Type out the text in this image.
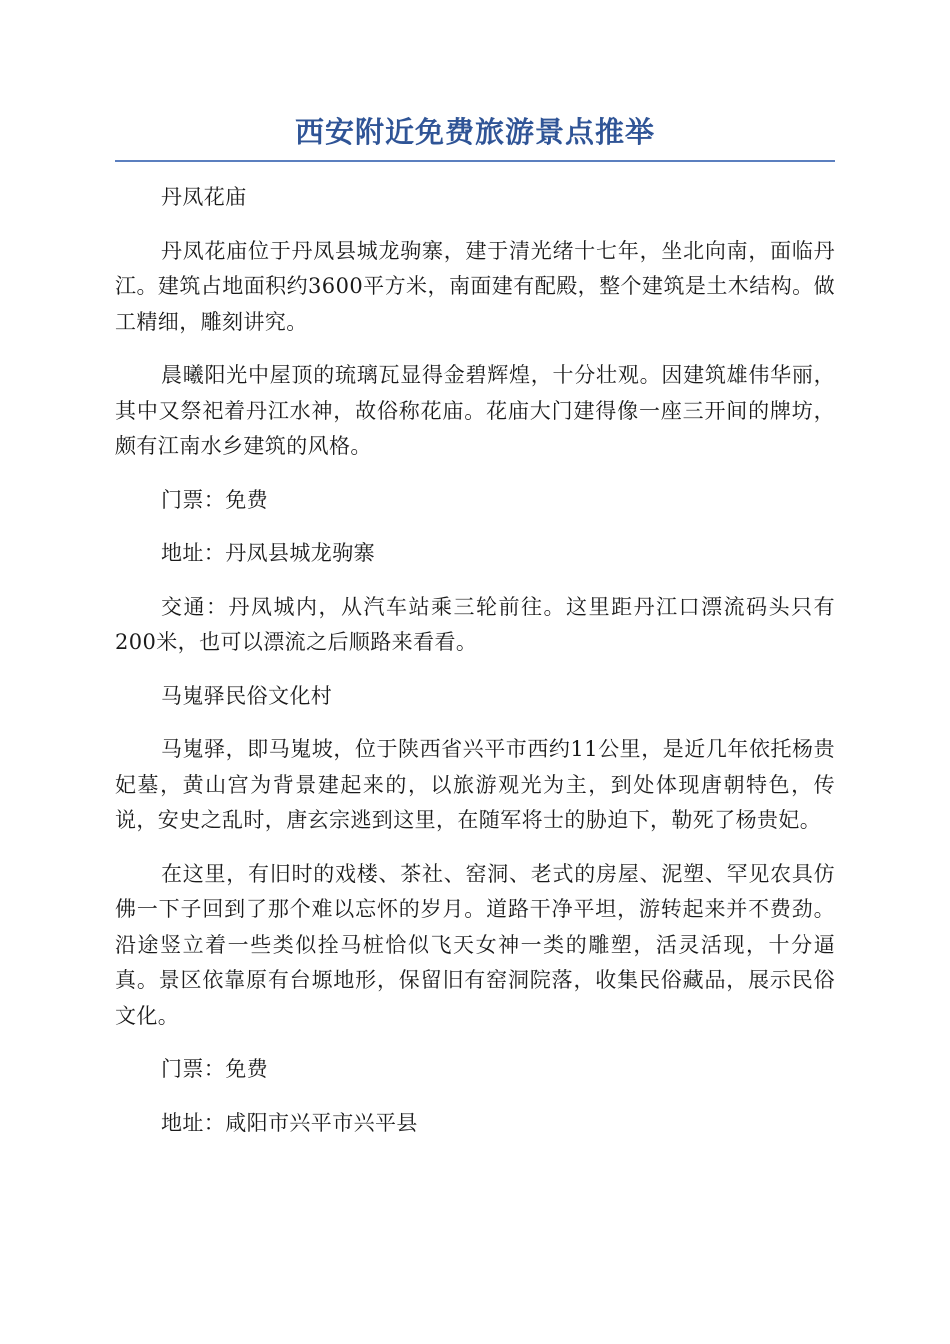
西安附近免费旅游景点推举

丹凤花庙

丹凤花庙位于丹凤县城龙驹寨，建于清光绪十七年，坐北向南，面临丹江。建筑占地面积约3600平方米，南面建有配殿，整个建筑是土木结构。做工精细，雕刻讲究。

晨曦阳光中屋顶的琉璃瓦显得金碧辉煌，十分壮观。因建筑雄伟华丽，其中又祭祀着丹江水神，故俗称花庙。花庙大门建得像一座三开间的牌坊，颇有江南水乡建筑的风格。

门票：免费

地址：丹凤县城龙驹寨

交通：丹凤城内，从汽车站乘三轮前往。这里距丹江口漂流码头只有200米，也可以漂流之后顺路来看看。

马嵬驿民俗文化村

马嵬驿，即马嵬坡，位于陕西省兴平市西约11公里，是近几年依托杨贵妃墓，黄山宫为背景建起来的，以旅游观光为主，到处体现唐朝特色，传说，安史之乱时，唐玄宗逃到这里，在随军将士的胁迫下，勒死了杨贵妃。

在这里，有旧时的戏楼、茶社、窑洞、老式的房屋、泥塑、罕见农具仿佛一下子回到了那个难以忘怀的岁月。道路干净平坦，游转起来并不费劲。沿途竖立着一些类似拴马桩恰似飞天女神一类的雕塑，活灵活现，十分逼真。景区依靠原有台塬地形，保留旧有窑洞院落，收集民俗藏品，展示民俗文化。

门票：免费

地址：咸阳市兴平市兴平县
